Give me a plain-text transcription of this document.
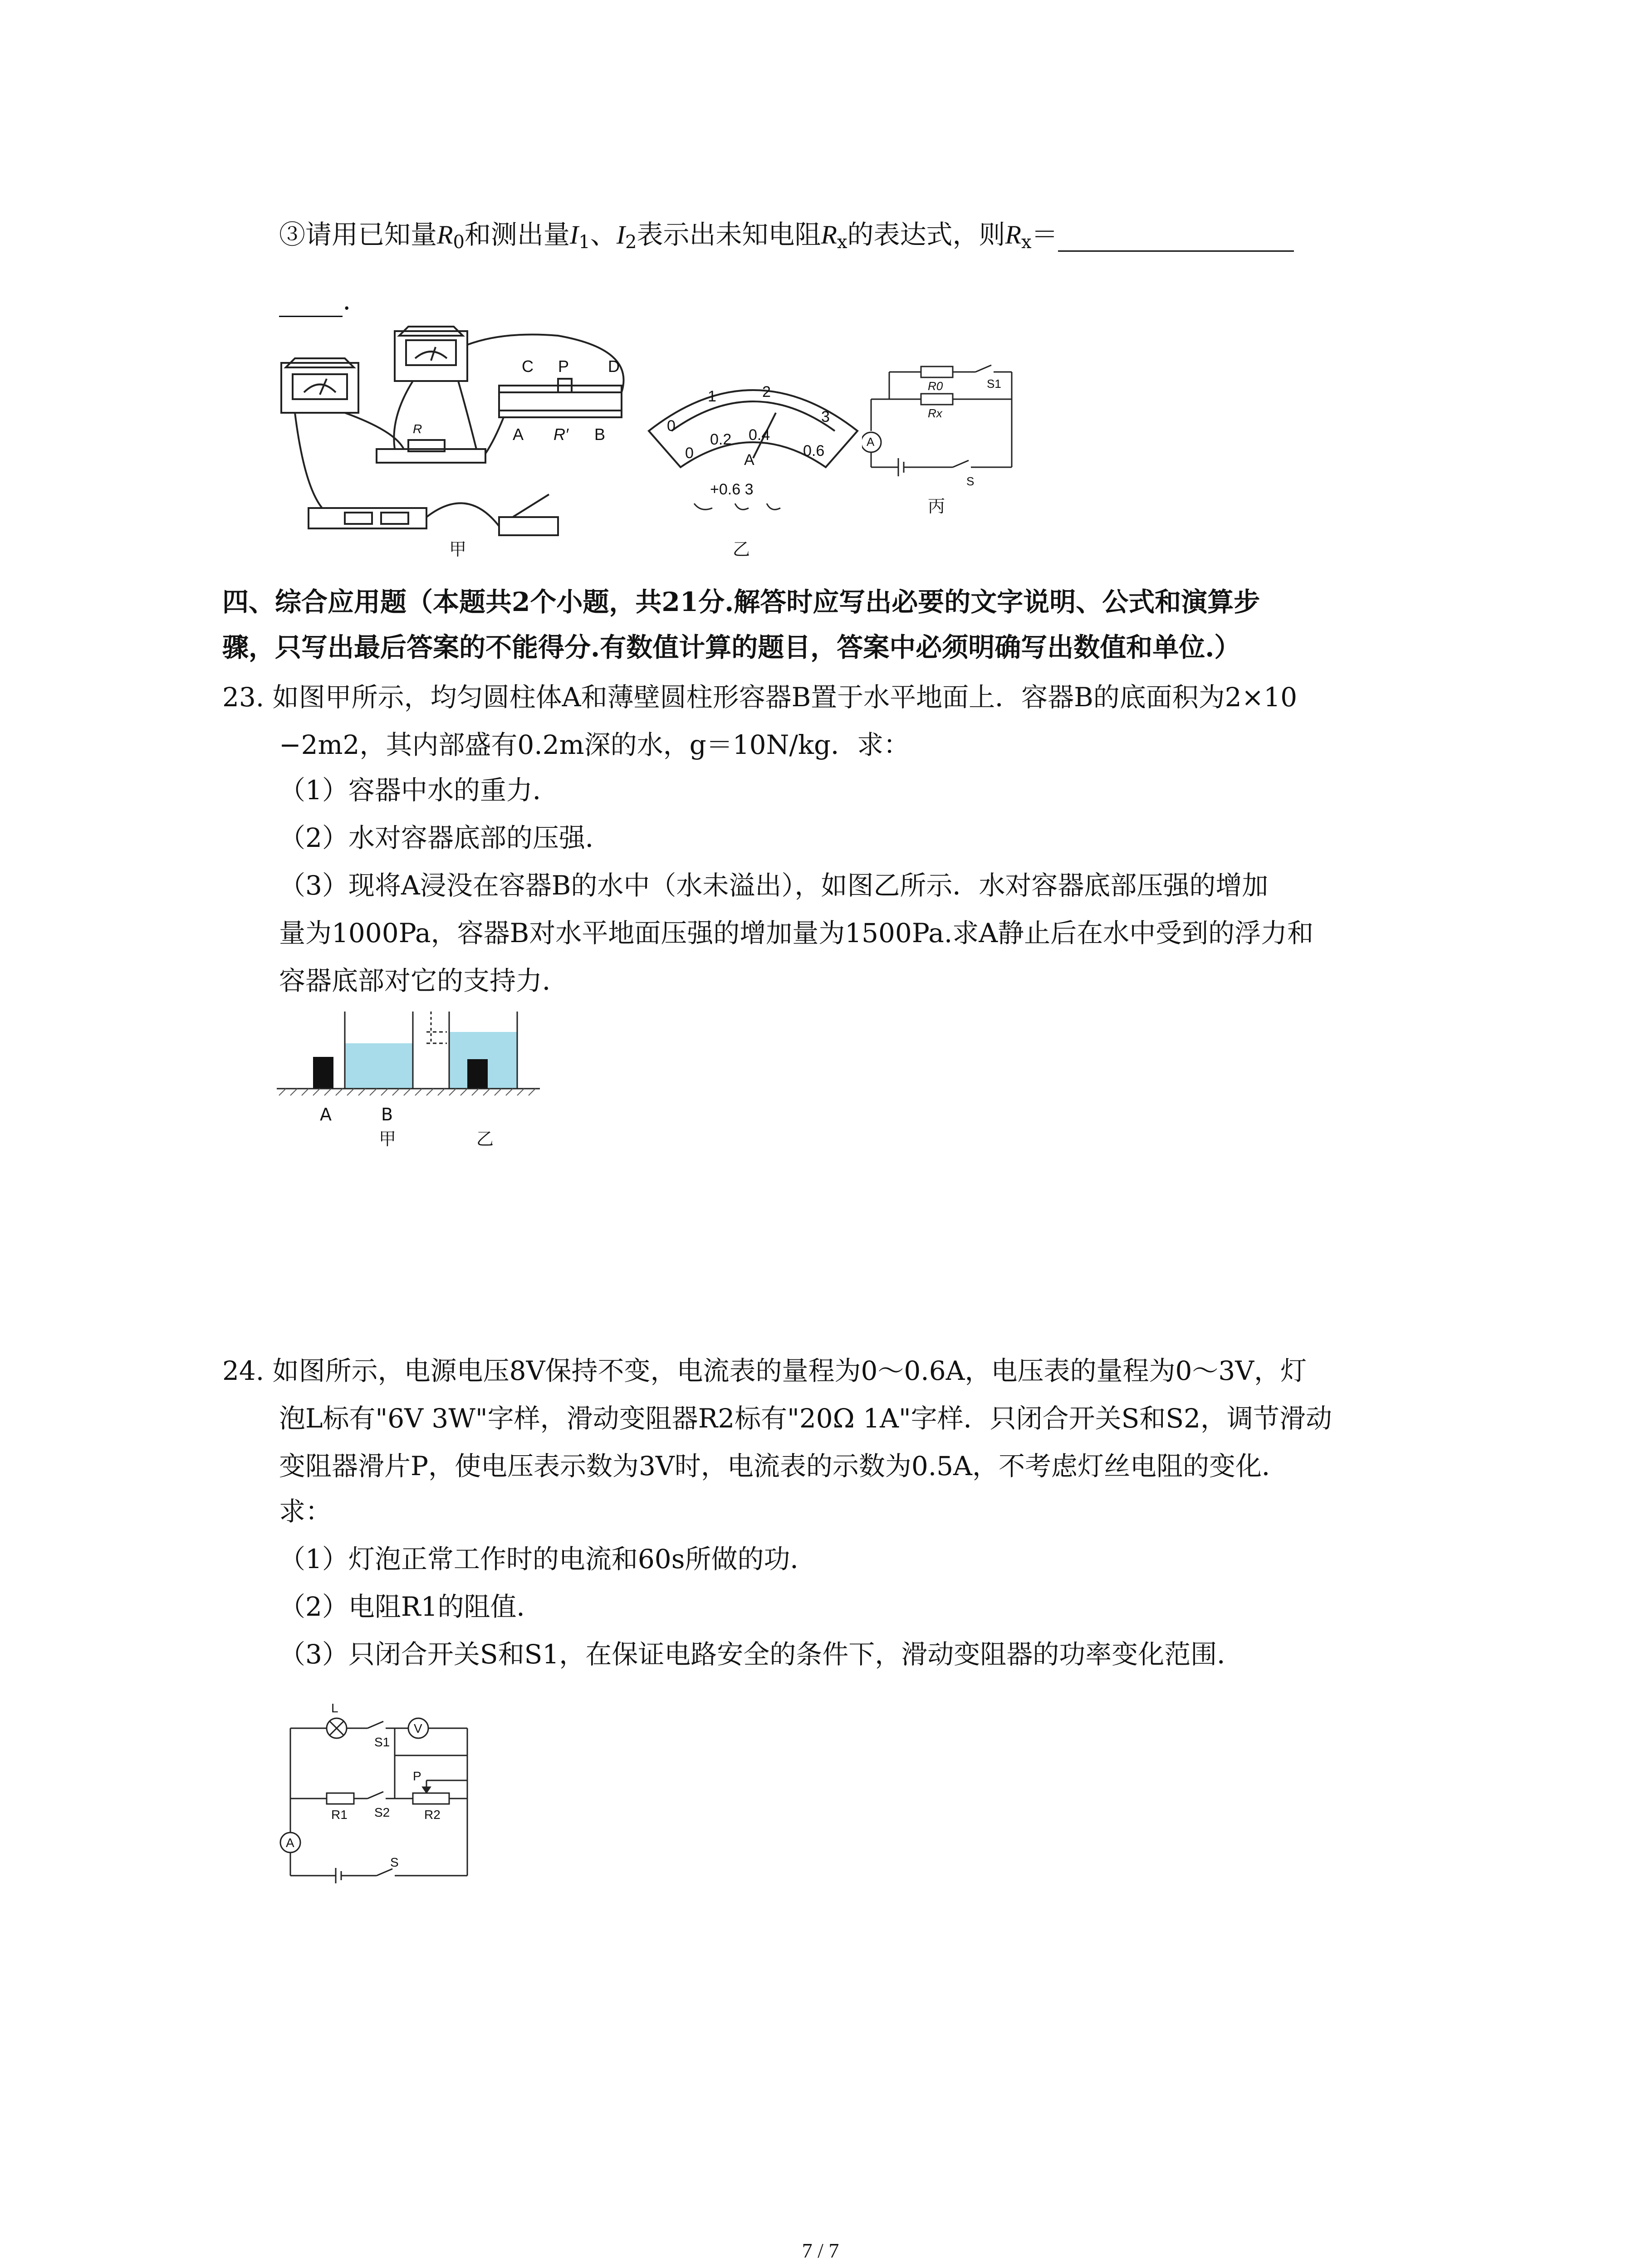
③请用已知量$R_0$和测出量$I_1$、$I_2$表示出未知电阻$R_x$的表达式，则$R_x=$
.
C P D
A R′ B
R
甲
0
1	2
3
0
0.2 0.4
0.6
A
+0.6 3
乙
R0	S1
Rx
A
S
丙
四、综合应用题（本题共2个小题，共21分.解答时应写出必要的文字说明、公式和演算步
骤，只写出最后答案的不能得分.有数值计算的题目，答案中必须明确写出数值和单位.）
23. 如图甲所示，均匀圆柱体A和薄壁圆柱形容器B置于水平地面上．容器B的底面积为2×10
−2m2，其内部盛有0.2m深的水，g＝10N/kg．求：
（1）容器中水的重力．
（2）水对容器底部的压强．
（3）现将A浸没在容器B的水中（水未溢出），如图乙所示．水对容器底部压强的增加
量为1000Pa，容器B对水平地面压强的增加量为1500Pa.求A静止后在水中受到的浮力和
容器底部对它的支持力．
A	B
甲	乙
24. 如图所示，电源电压8V保持不变，电流表的量程为0～0.6A，电压表的量程为0～3V，灯
泡L标有"6V 3W"字样，滑动变阻器R2标有"20Ω 1A"字样．只闭合开关S和S2，调节滑动
变阻器滑片P，使电压表示数为3V时，电流表的示数为0.5A，不考虑灯丝电阻的变化．
求：
（1）灯泡正常工作时的电流和60s所做的功．
（2）电阻R1的阻值．
（3）只闭合开关S和S1，在保证电路安全的条件下，滑动变阻器的功率变化范围．
L
S1
V
P
R1 S2	R2
A
S
7 / 7
